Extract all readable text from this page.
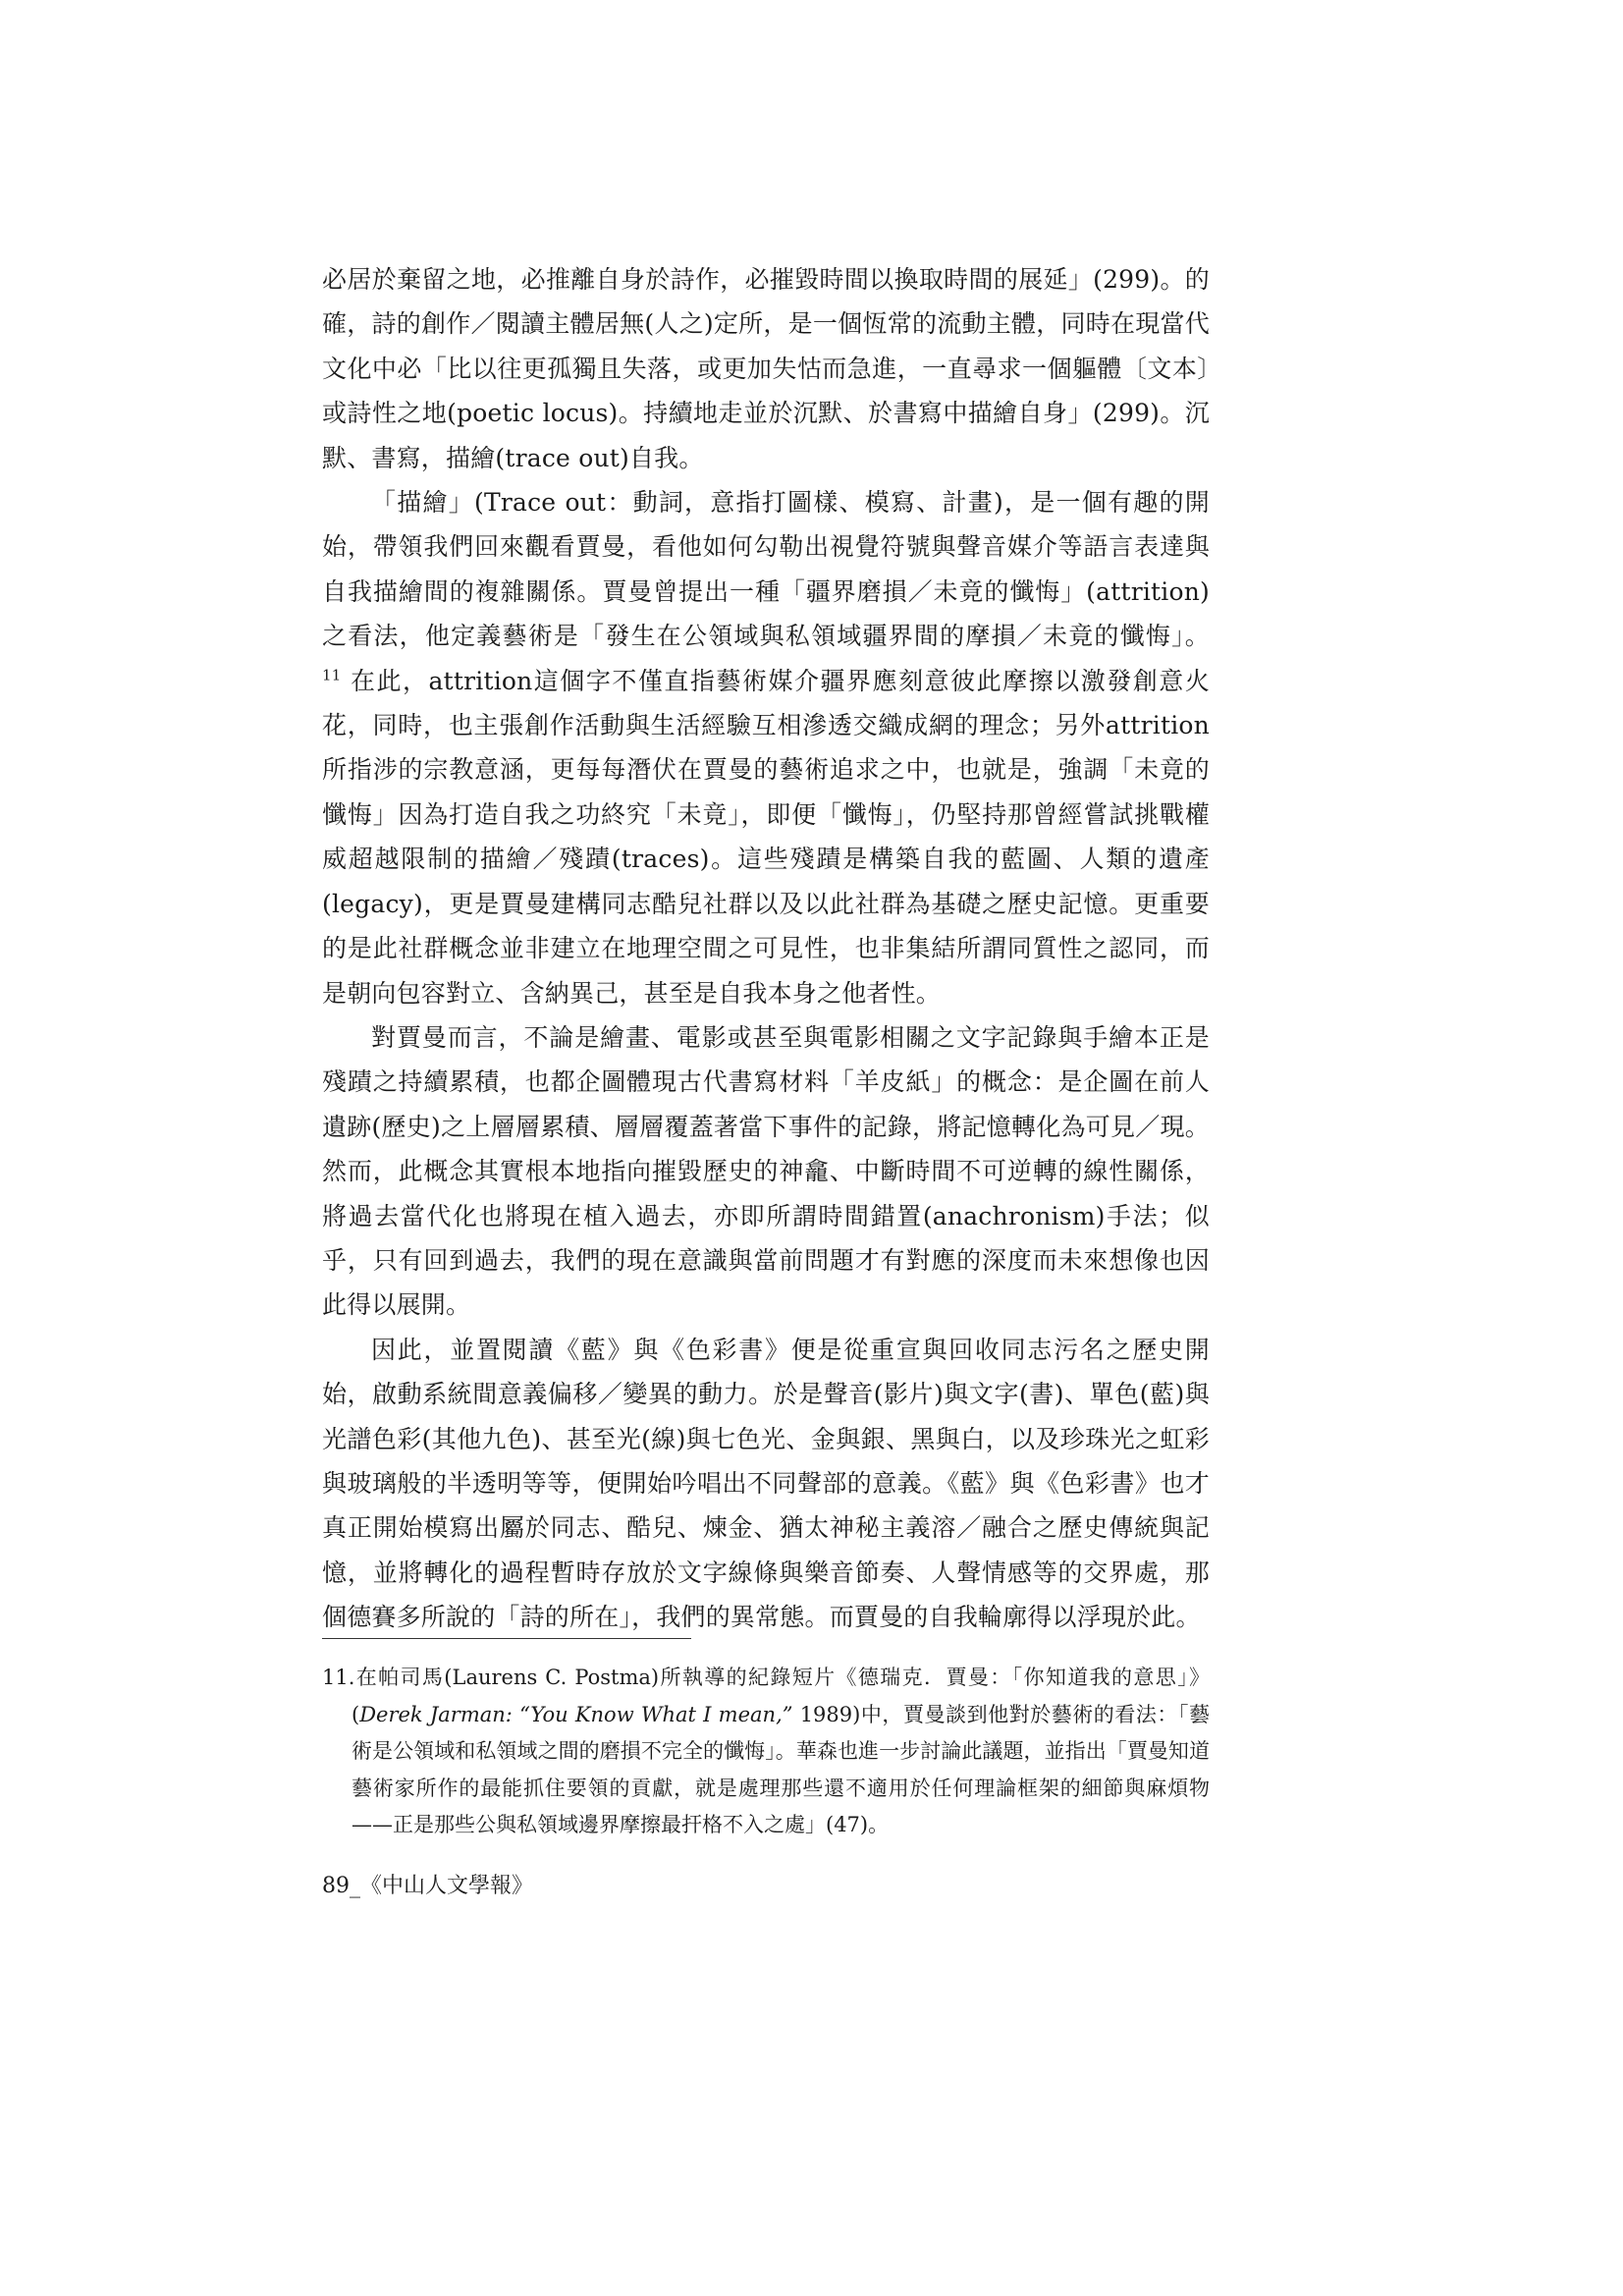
必居於棄留之地，必推離自身於詩作，必摧毀時間以換取時間的展延」(299)。的確，詩的創作／閱讀主體居無(人之)定所，是一個恆常的流動主體，同時在現當代文化中必「比以往更孤獨且失落，或更加失怙而急進，一直尋求一個軀體〔文本〕或詩性之地(poetic locus)。持續地走並於沉默、於書寫中描繪自身」(299)。沉默、書寫，描繪(trace out)自我。

「描繪」(Trace out：動詞，意指打圖樣、模寫、計畫)，是一個有趣的開始，帶領我們回來觀看賈曼，看他如何勾勒出視覺符號與聲音媒介等語言表達與自我描繪間的複雜關係。賈曼曾提出一種「疆界磨損／未竟的懺悔」(attrition)之看法，他定義藝術是「發生在公領域與私領域疆界間的摩損／未竟的懺悔」。$^{11}$ 在此，attrition這個字不僅直指藝術媒介疆界應刻意彼此摩擦以激發創意火花，同時，也主張創作活動與生活經驗互相滲透交織成網的理念；另外attrition所指涉的宗教意涵，更每每潛伏在賈曼的藝術追求之中，也就是，強調「未竟的懺悔」因為打造自我之功終究「未竟」，即便「懺悔」，仍堅持那曾經嘗試挑戰權威超越限制的描繪／殘蹟(traces)。這些殘蹟是構築自我的藍圖、人類的遺產(legacy)，更是賈曼建構同志酷兒社群以及以此社群為基礎之歷史記憶。更重要的是此社群概念並非建立在地理空間之可見性，也非集結所謂同質性之認同，而是朝向包容對立、含納異己，甚至是自我本身之他者性。

對賈曼而言，不論是繪畫、電影或甚至與電影相關之文字記錄與手繪本正是殘蹟之持續累積，也都企圖體現古代書寫材料「羊皮紙」的概念：是企圖在前人遺跡(歷史)之上層層累積、層層覆蓋著當下事件的記錄，將記憶轉化為可見／現。然而，此概念其實根本地指向摧毀歷史的神龕、中斷時間不可逆轉的線性關係，將過去當代化也將現在植入過去，亦即所謂時間錯置(anachronism)手法；似乎，只有回到過去，我們的現在意識與當前問題才有對應的深度而未來想像也因此得以展開。

因此，並置閱讀《藍》與《色彩書》便是從重宣與回收同志污名之歷史開始，啟動系統間意義偏移／變異的動力。於是聲音(影片)與文字(書)、單色(藍)與光譜色彩(其他九色)、甚至光(線)與七色光、金與銀、黑與白，以及珍珠光之虹彩與玻璃般的半透明等等，便開始吟唱出不同聲部的意義。《藍》與《色彩書》也才真正開始模寫出屬於同志、酷兒、煉金、猶太神秘主義溶／融合之歷史傳統與記憶，並將轉化的過程暫時存放於文字線條與樂音節奏、人聲情感等的交界處，那個德賽多所說的「詩的所在」，我們的異常態。而賈曼的自我輪廓得以浮現於此。

11.在帕司馬(Laurens C. Postma)所執導的紀錄短片《德瑞克．賈曼：「你知道我的意思」》(Derek Jarman: “You Know What I mean,” 1989)中，賈曼談到他對於藝術的看法：「藝術是公領域和私領域之間的磨損不完全的懺悔」。華森也進一步討論此議題，並指出「賈曼知道藝術家所作的最能抓住要領的貢獻，就是處理那些還不適用於任何理論框架的細節與麻煩物——正是那些公與私領域邊界摩擦最扞格不入之處」(47)。

89_《中山人文學報》
